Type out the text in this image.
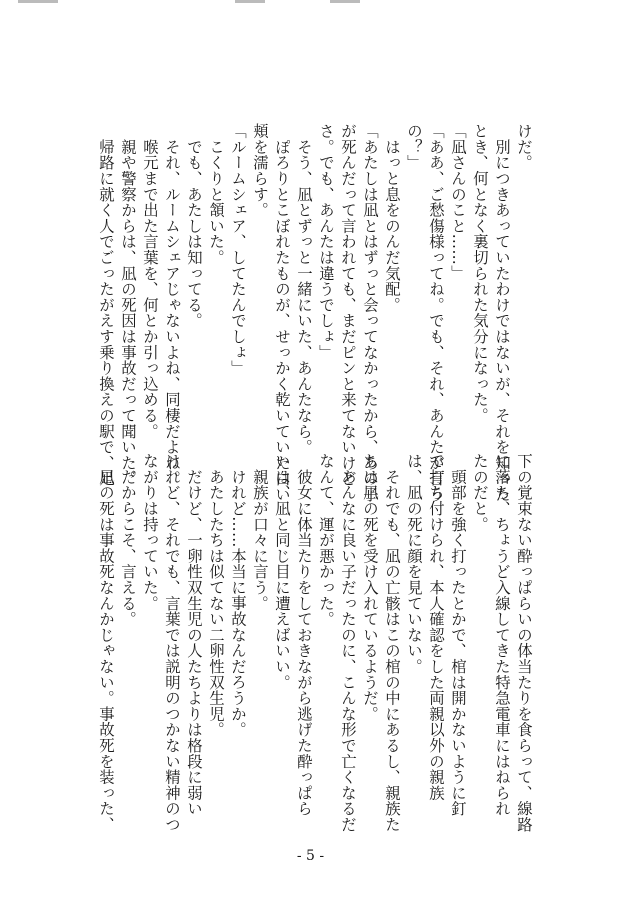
けだ。
　別につきあっていたわけではないが、それを知った
とき、何となく裏切られた気分になった。
「凪さんのこと……」
「ああ、ご愁傷様ってね。でも、それ、あんたが言う
の？」
　はっと息をのんだ気配。
「あたしは凪とはずっと会ってなかったから、あの子
が死んだって言われても、まだピンと来てないけど
さ。でも、あんたは違うでしょ」
　そう、凪とずっと一緒にいた、あんたなら。
　ぽろりとこぼれたものが、せっかく乾いていた白い
頬を濡らす。
「ルームシェア、してたんでしょ」
　こくりと頷いた。
　でも、あたしは知ってる。
　それ、ルームシェアじゃないよね、同棲だよね。
　喉元まで出た言葉を、何とか引っ込める。
　親や警察からは、凪の死因は事故だって聞いた。
　帰路に就く人でごったがえす乗り換えの駅で、足
下の覚束ない酔っぱらいの体当たりを食らって、線路
に落ち、ちょうど入線してきた特急電車にはねられ
たのだと。
　頭部を強く打ったとかで、棺は開かないように釘
で打ち付けられ、本人確認をした両親以外の親族
は、凪の死に顔を見ていない。
　それでも、凪の亡骸はこの棺の中にあるし、親族た
ちは凪の死を受け入れているようだ。
　あんなに良い子だったのに、こんな形で亡くなるだ
なんて、運が悪かった。
　彼女に体当たりをしておきながら逃げた酔っぱら
いは、凪と同じ目に遭えばいい。
　親族が口々に言う。
　けれど……本当に事故なんだろうか。
　あたしたちは似てない二卵性双生児。
　だけど、一卵性双生児の人たちよりは格段に弱い
けれど、それでも、言葉では説明のつかない精神のつ
ながりは持っていた。
　だからこそ、言える。
　凪の死は事故死なんかじゃない。事故死を装った、
- 5 -
